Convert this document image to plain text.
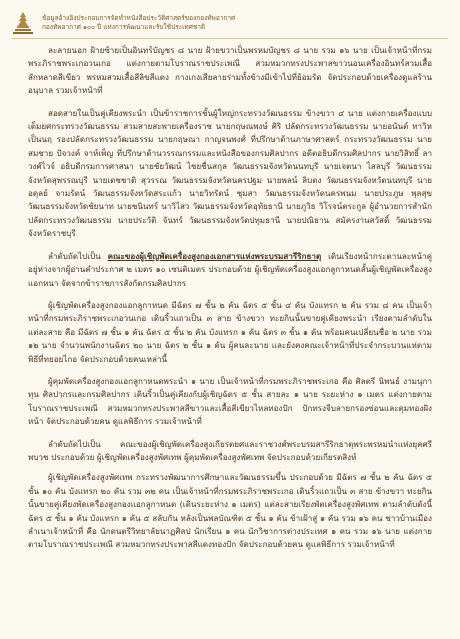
ข้อมูลอ้างอิงประกอบการจัดทำหนังสือประวัติศาสตร์ของกองทัพอากาศ
กองทัพอากาศ ๑๐๐ ปี แห่งการพัฒนาและรับใช้ประเทศชาติ

ละลายนอก ฝ้ายซ้ายเป็นอินทร์บัญชร ๘ นาย ฝ้ายขวาเป็นพรหมบัญชร ๘ นาย รวม ๑๖ นาย เป็นเจ้าหน้าที่กรมพระภิราชพระเกอวนเกอ แต่งกายตามโบราณราชประเพณี สวมหมวกทรงประพาสขาวนอนเครื่องอินทร์สวมเสื้อสักหลาดสีเขียว พรหมสวมเสื้อสีลิขสีแดง กางเกงเสียลายร่ามทั้งข้างมีเข้าไปที่ย้อมรัด จัดประกอบด้วยเครื่องดูแลร้านอนุบาล รวมเจ้าหน้าที่

สอดสายในเป็นคู่เคียงพระนำ เป็นข้าราชการชั้นผู้ใหญ่กระทรวงวัฒนธรรม ข้างขวา ๔ นาย แต่งกายเครื่องแบบเต็มยศกระทรวงวัฒนธรรม สวมสายสะพายเครื่องราช นายกฤษณพงษ์ ศิริ ปลัดกระทรวงวัฒนธรรม นายอนันต์ ทาวิหเป็นนฤ รองปลัดกระทรวงวัฒนธรรม นายกฤษณา กาญจนพงศ์ ที่ปรึกษาด้านภาษาศาสตร์ กระทรวงวัฒนธรรม นายสมชาย ปัจวงค์ จาห์เพ็ญ ที่ปรึกษาด้านวรรณกรรมและหนังสือของกรมศิลปากร อดีตอธิบดีกรมศิลปากร นายวิสิทธิ์ ลาวงศ์ไวจ์ อธิบดีกรมการศาสนา นายชัยวัฒน์ ไชยชื่นสกุล วัฒนธรรมจังหวัดนนทบุรี นายเจตนา ไสลบุรี วัฒนธรรมจังหวัดสุพรรณบุรี นายเดชชาติ สุวรรณ วัฒนธรรมจังหวัดนครปฐม นายพลน์ ลิบตง วัฒนธรรมจังหวัดนนทบุรี นายอดุลย์ จามรัตน์ วัฒนธรรมจังหวัดสระแก้ว นายวิทรัตน์ ชุมสา วัฒนธรรมจังหวัดนครพนม นายประภูษ พุลสุข วัฒนธรรมจังหวัดชัยนาท นายชนินทร์ นาวิไสว วัฒนธรรมจังหวัดอุทัยธานี นายภูวิธ วิโรจน์ตระกูล ผู้อำนวยการสำนักปลัดกระทรวงวัฒนธรรม นายประวัติ จันทร์ วัฒนธรรมจังหวัดปทุมธานี นายปณิธาน สมัครงานสวัสดิ์ วัฒนธรรมจังหวัดราชบุรี

ลำดับถัดไปเป็น คณะของผู้เชิญพัดเครื่องสูงกองเอกสารแห่งพระบรมสารีริกธาตุ เดินเรียงหน้ากระดานละหน้าคู่ อยู่ห่างจากผู้อ่านคำประกาศ ๒ เมตร ๑๐ เซนติเมตร ประกอบด้วย ผู้เชิญพัดเครื่องสูงแอกลูกาหนดสั้นผู้เชิญพัดเครื่องสูงแอกหนา จัดจากข้าราชการสังกัดกรมศิลปากร

ผู้เชิญพัดเครื่องสูงกองแอกลูกาหนด มีฉัตร ๗ ชั้น ๒ คัน ฉัตร ๕ ชั้น ๔ คัน บังแทรก ๒ คัน รวม ๘ คน เป็นเจ้าหน้าที่กรมพระภิราชพระเกอวนเกอ เดินริ้วแถวเป็น ๓ สาย ข้างขวา ทะยกินนั้นขายคู่เคียงพระนำ เรียงตามลำดับในแต่ละสาย คือ มีฉัตร ๗ ชั้น ๑ คัน ฉัตร ๕ ชั้น ๒ คัน บังแทรก ๑ คัน ฉัตร ๓ ชั้น ๑ คัน พร้อมคนเปลี่ยนชื่อ ๒ นาย รวม ๑๒ นาย จำนวนพนักงานฉัตร ๒๐ นาย ฉัตร ๒ ชั้น ๑ คัน ผู้คนละนาย และยังคงคณะเจ้าหน้าที่ประจำกระบวนแห่ตามพิธีที่ทยอยไกอ จัดประกอบด้วยคนเหล่านี้

ผู้คุมพัดเครื่องสูงกองแอกลูกาหนดพระนำ ๑ นาย เป็นเจ้าหน้าที่กรมพระภิราชพระเกอ คือ ศิลตรี นิพนธ์ งามนุกา ทุน ศิลปากรและกรมศิลปากร เดินริ้วเป็นคู่เคียงกับผู้เชิญฉัตร ๕ ชั้น สายละ ๑ นาย ระยะห่าง ๑ เมตร แต่งกายตามโบราณราชประเพณี สวมหมวกทรงประพาสสีขาวและเสื้อสีเขียวไหลทองปัก ปักทรงจีบลายกรองซ่อนและดุมทองฝังหน้า จัดประกอบด้วยคน ดูแลพิธีการ รวมเจ้าหน้าที่

ลำดับถัดไปเป็น คณะของผู้เชิญพัดเครื่องสูงเกียรตยศและราชวงศ์พระบรมสารีริกธาตุพระพรหมนำแห่งยุคศรีพบวช ประกอบด้วย ผู้เชิญพัดเครื่องสูงพัศเทพ ผู้คุมพัดเครื่องสูงพัศเทพ จัดประกอบด้วยเกียรตสิงห์

ผู้เชิญพัดเครื่องสูงพัศเทพ กระทรวงพัฒนาการศึกษาและวัฒนธรรมขึ้น ประกอบด้วย มีฉัตร ๗ ชั้น ๒ คัน ฉัตร ๕ ชั้น ๑๐ คัน บังแทรก ๒๐ คัน รวม ๓๒ คน เป็นเจ้าหน้าที่กรมพระภิราชพระเกอ เดินริ้วแถวเป็น ๓ สาย ข้างขวา ทะยกินนั้นขายคู่เคียงพัดเครื่องสูงกองแอกลูกาหนด (เดินระยะห่าง ๑ เมตร) แต่ละสายเรียงพัดเครื่องสูงพัศเทพ ตามลำดับดังนี้ ฉัตร ๕ ชั้น ๑ คัน บังแทรก ๑ คัน ๕ สลับกัน หลังเป็นพลบัณฑิต ๕ ชั้น ๑ คัน ข้าเฝ้าสู่ ๑ คัน รวม ๑๖ คน ชาวบ้านเมืองลำเนาเจ้าหน้าที่ คือ นักดนตรีวิทยาลัยนาฏศิลป นักเรียน ๑ คน นักวิชาการต่างประเทศ ๑ คน รวม ๑๖ นาย แต่งกายตามโบราณราชประเพณี สวมหมวกทรงประพาสสีแดงทองปัก จัดประกอบด้วยคน ดูแลพิธีการ รวมเจ้าหน้าที่
